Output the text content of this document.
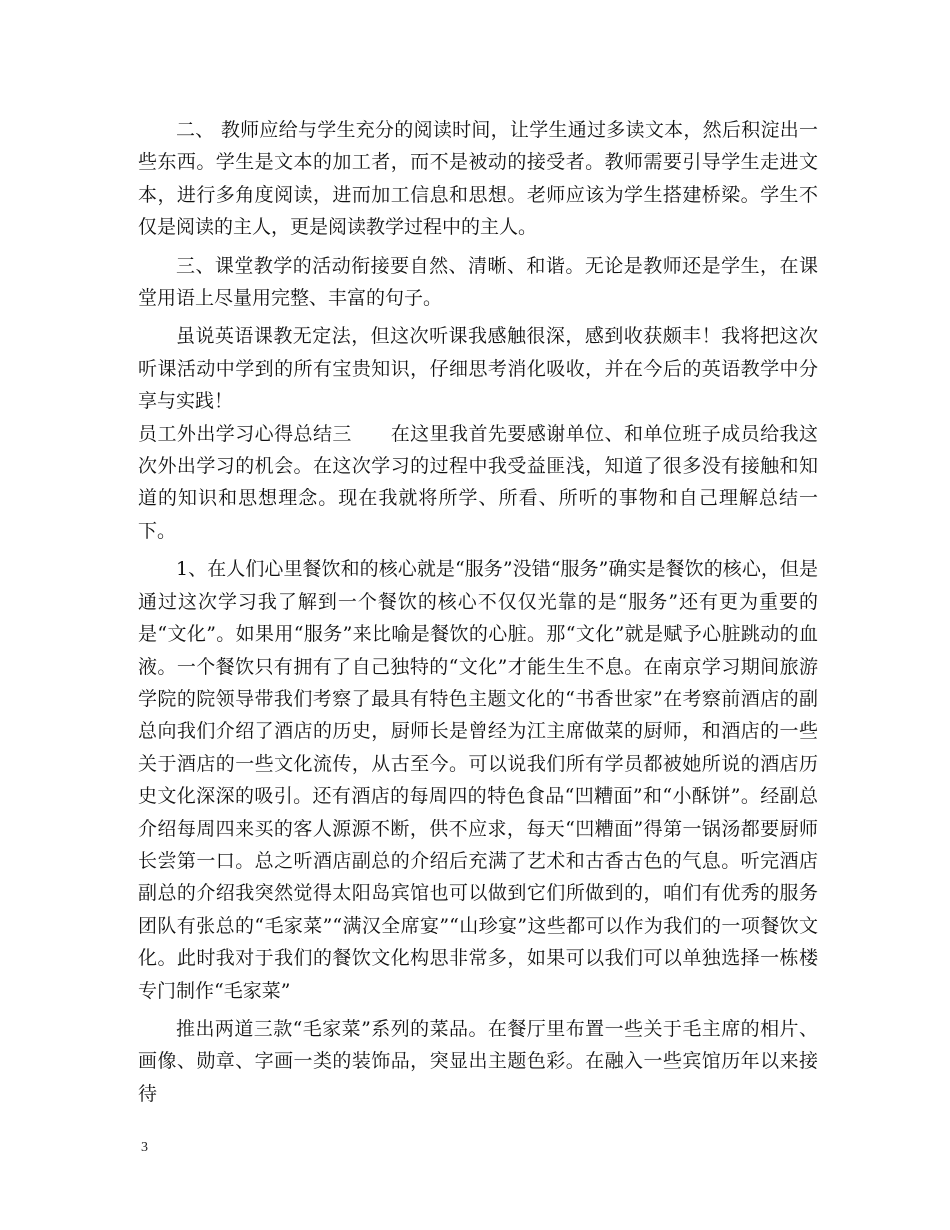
二、 教师应给与学生充分的阅读时间，让学生通过多读文本，然后积淀出一些东西。学生是文本的加工者，而不是被动的接受者。教师需要引导学生走进文本，进行多角度阅读，进而加工信息和思想。老师应该为学生搭建桥梁。学生不仅是阅读的主人，更是阅读教学过程中的主人。

三、课堂教学的活动衔接要自然、清晰、和谐。无论是教师还是学生，在课堂用语上尽量用完整、丰富的句子。

虽说英语课教无定法，但这次听课我感触很深，感到收获颇丰！我将把这次听课活动中学到的所有宝贵知识，仔细思考消化吸收，并在今后的英语教学中分享与实践！

员工外出学习心得总结三　　在这里我首先要感谢单位、和单位班子成员给我这次外出学习的机会。在这次学习的过程中我受益匪浅，知道了很多没有接触和知道的知识和思想理念。现在我就将所学、所看、所听的事物和自己理解总结一下。

1、在人们心里餐饮和的核心就是“服务”没错“服务”确实是餐饮的核心，但是通过这次学习我了解到一个餐饮的核心不仅仅光靠的是“服务”还有更为重要的是“文化”。如果用“服务”来比喻是餐饮的心脏。那“文化”就是赋予心脏跳动的血液。一个餐饮只有拥有了自己独特的“文化”才能生生不息。在南京学习期间旅游学院的院领导带我们考察了最具有特色主题文化的“书香世家”在考察前酒店的副总向我们介绍了酒店的历史，厨师长是曾经为江主席做菜的厨师，和酒店的一些关于酒店的一些文化流传，从古至今。可以说我们所有学员都被她所说的酒店历史文化深深的吸引。还有酒店的每周四的特色食品“凹糟面”和“小酥饼”。经副总介绍每周四来买的客人源源不断，供不应求，每天“凹糟面”得第一锅汤都要厨师长尝第一口。总之听酒店副总的介绍后充满了艺术和古香古色的气息。听完酒店副总的介绍我突然觉得太阳岛宾馆也可以做到它们所做到的，咱们有优秀的服务团队有张总的“毛家菜”“满汉全席宴”“山珍宴”这些都可以作为我们的一项餐饮文化。此时我对于我们的餐饮文化构思非常多，如果可以我们可以单独选择一栋楼专门制作“毛家菜”

推出两道三款“毛家菜”系列的菜品。在餐厅里布置一些关于毛主席的相片、画像、勋章、字画一类的装饰品，突显出主题色彩。在融入一些宾馆历年以来接待

3
